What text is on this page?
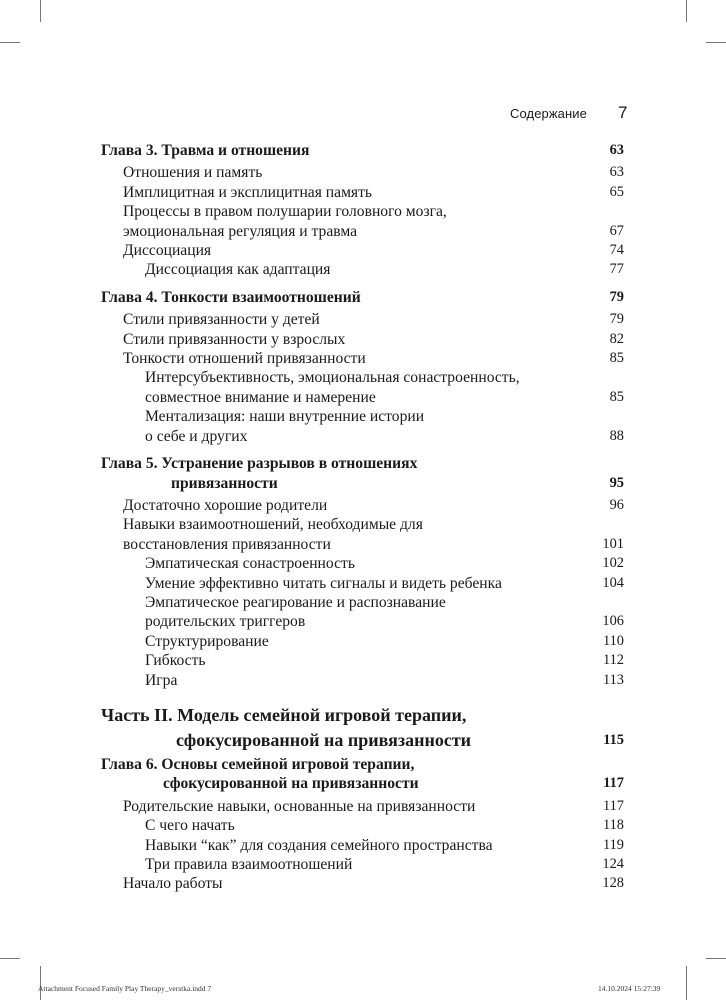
Содержание 7
Глава 3. Травма и отношения	63
Отношения и память	63
Имплицитная и эксплицитная память	65
Процессы в правом полушарии головного мозга,
эмоциональная регуляция и травма	67
Диссоциация	74
Диссоциация как адаптация	77
Глава 4. Тонкости взаимоотношений	79
Стили привязанности у детей	79
Стили привязанности у взрослых	82
Тонкости отношений привязанности	85
Интерсубъективность, эмоциональная сонастроенность,
совместное внимание и намерение	85
Ментализация: наши внутренние истории
о себе и других	88
Глава 5. Устранение разрывов в отношениях
привязанности	95
Достаточно хорошие родители	96
Навыки взаимоотношений, необходимые для
восстановления привязанности	101
Эмпатическая сонастроенность	102
Умение эффективно читать сигналы и видеть ребенка	104
Эмпатическое реагирование и распознавание
родительских триггеров	106
Структурирование	110
Гибкость	112
Игра	113
Часть II. Модель семейной игровой терапии,
сфокусированной на привязанности	115
Глава 6. Основы семейной игровой терапии,
сфокусированной на привязанности	117
Родительские навыки, основанные на привязанности	117
С чего начать	118
Навыки “как” для создания семейного пространства	119
Три правила взаимоотношений	124
Начало работы	128
Attachment Focused Family Play Therapy_verstka.indd 7	14.10.2024 15:27:39
